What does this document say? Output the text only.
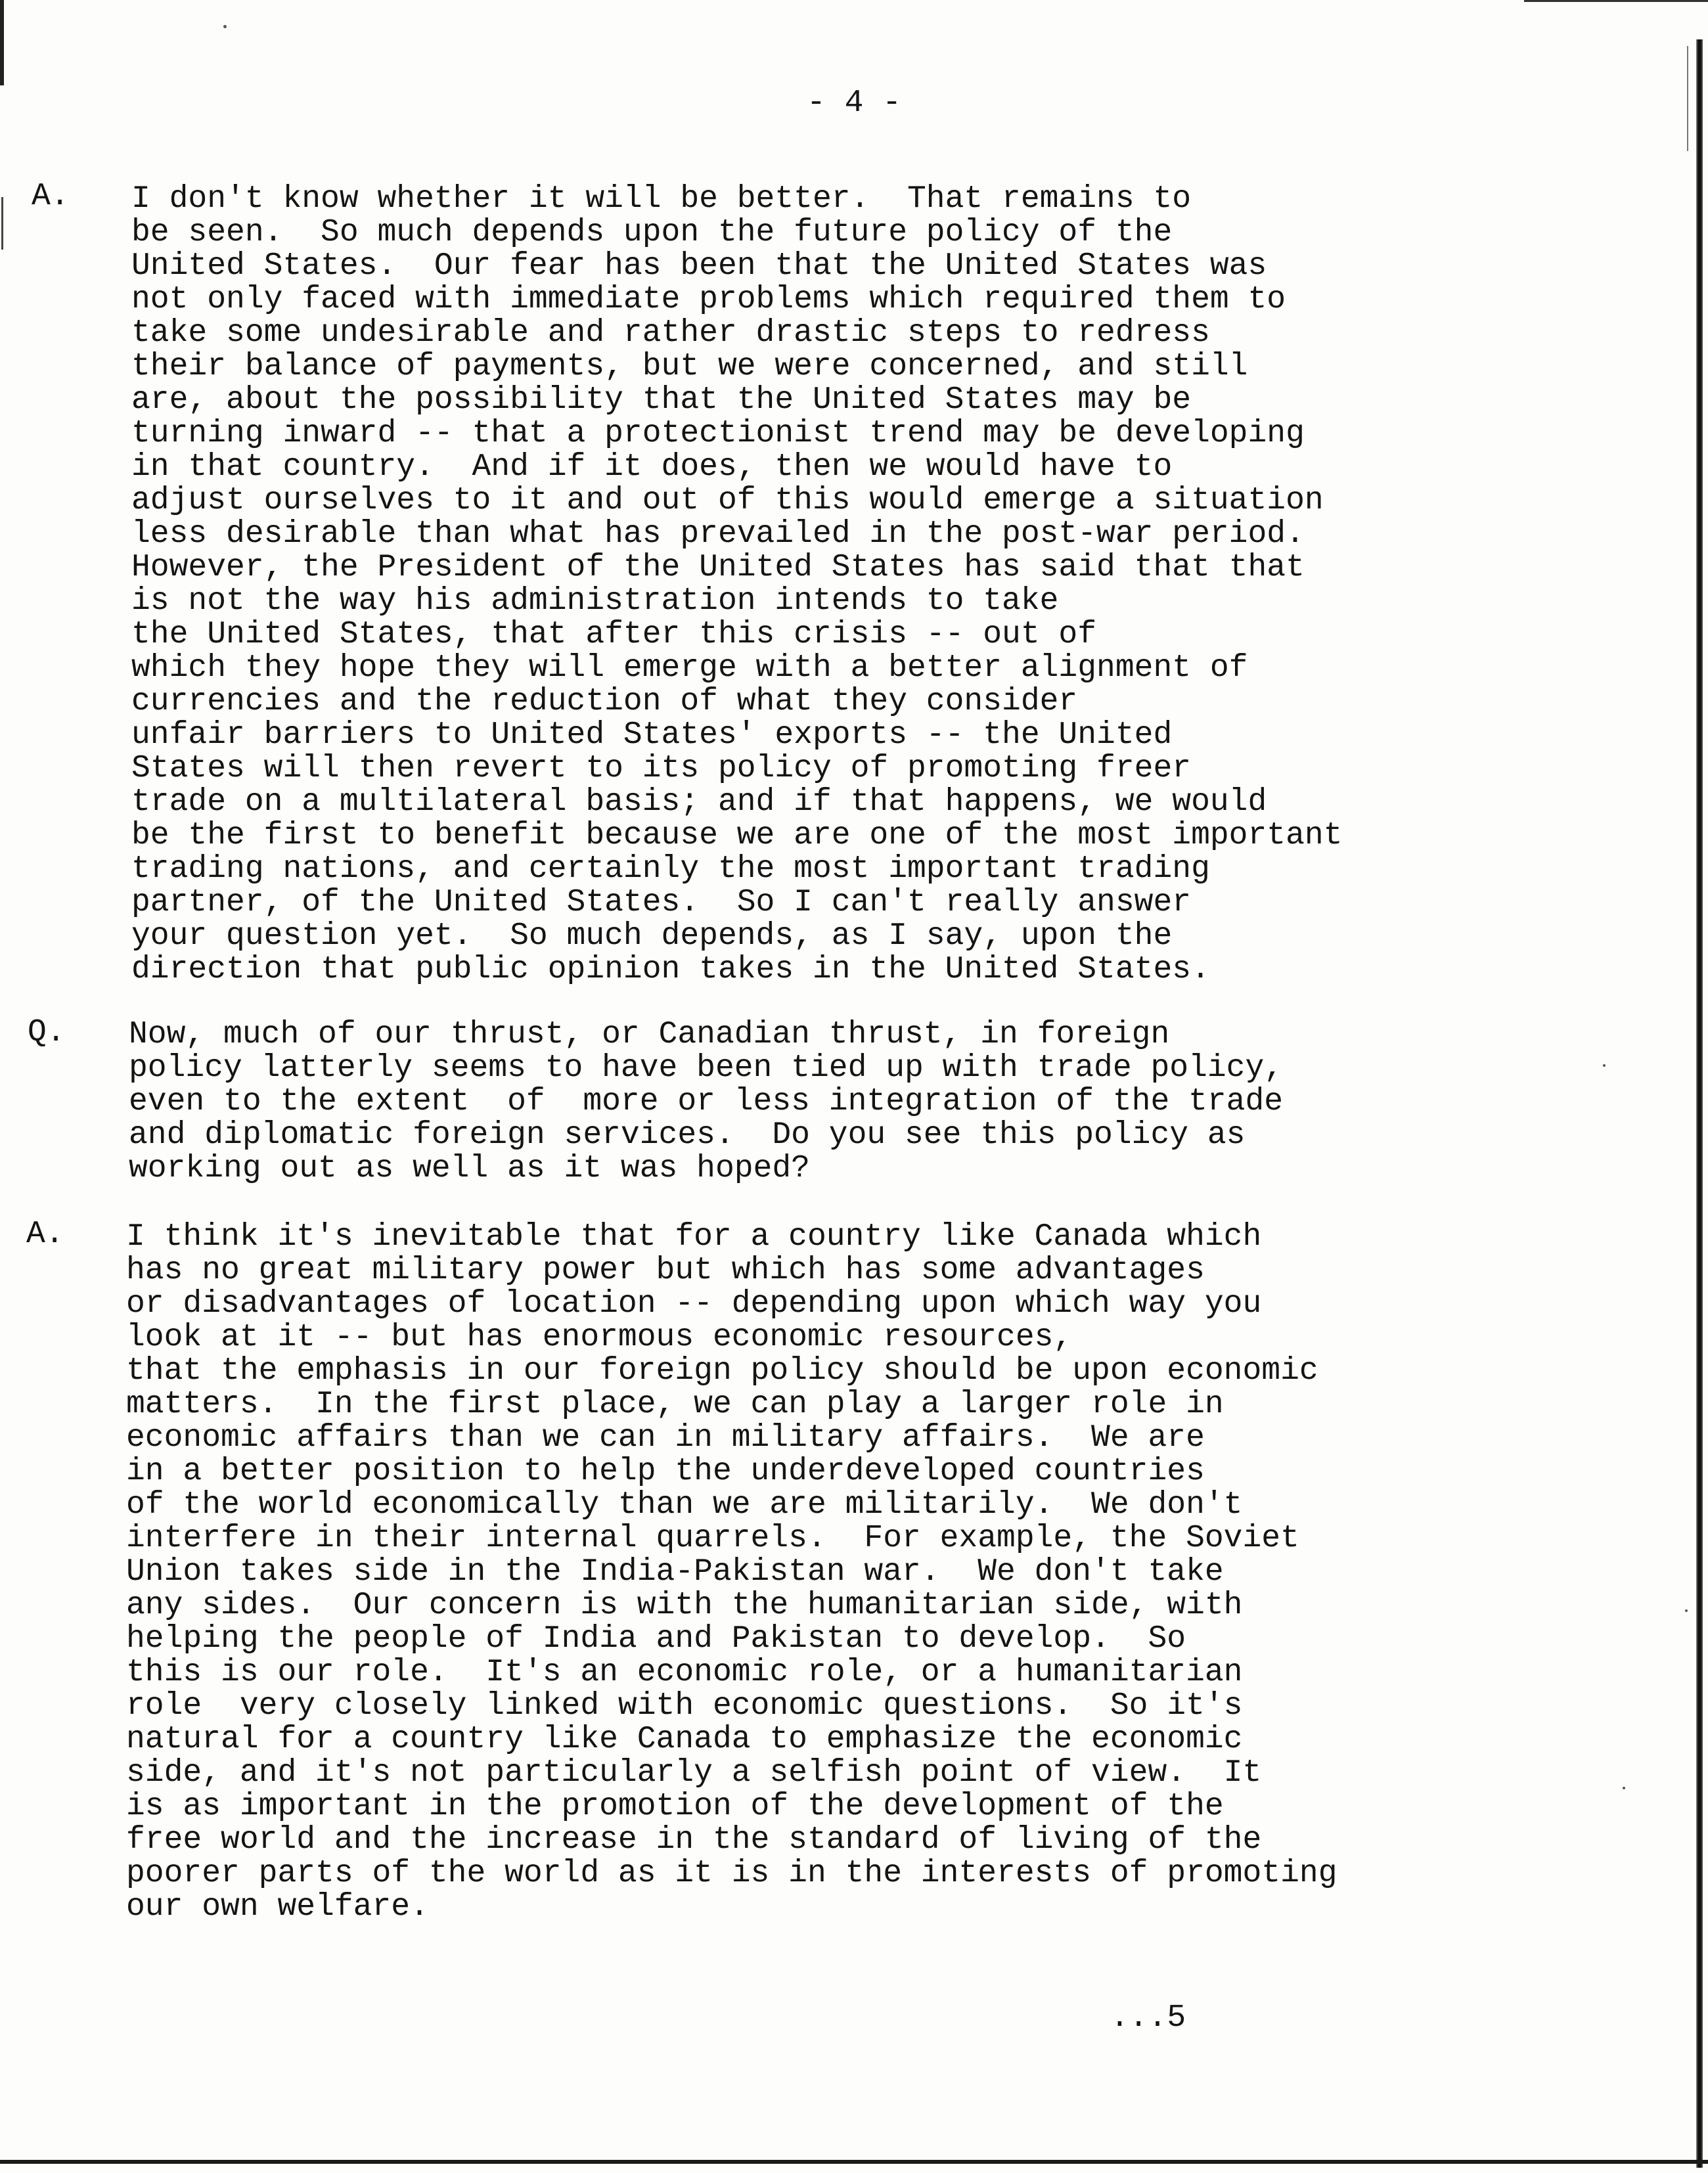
- 4 -
A. I don't know whether it will be better.  That remains to
be seen.  So much depends upon the future policy of the
United States.  Our fear has been that the United States was
not only faced with immediate problems which required them to
take some undesirable and rather drastic steps to redress
their balance of payments, but we were concerned, and still
are, about the possibility that the United States may be
turning inward -- that a protectionist trend may be developing
in that country.  And if it does, then we would have to
adjust ourselves to it and out of this would emerge a situation
less desirable than what has prevailed in the post-war period.
However, the President of the United States has said that that
is not the way his administration intends to take
the United States, that after this crisis -- out of
which they hope they will emerge with a better alignment of
currencies and the reduction of what they consider
unfair barriers to United States' exports -- the United
States will then revert to its policy of promoting freer
trade on a multilateral basis; and if that happens, we would
be the first to benefit because we are one of the most important
trading nations, and certainly the most important trading
partner, of the United States.  So I can't really answer
your question yet.  So much depends, as I say, upon the
direction that public opinion takes in the United States.
Q. Now, much of our thrust, or Canadian thrust, in foreign
policy latterly seems to have been tied up with trade policy,
even to the extent  of  more or less integration of the trade
and diplomatic foreign services.  Do you see this policy as
working out as well as it was hoped?
A. I think it's inevitable that for a country like Canada which
has no great military power but which has some advantages
or disadvantages of location -- depending upon which way you
look at it -- but has enormous economic resources,
that the emphasis in our foreign policy should be upon economic
matters.  In the first place, we can play a larger role in
economic affairs than we can in military affairs.  We are
in a better position to help the underdeveloped countries
of the world economically than we are militarily.  We don't
interfere in their internal quarrels.  For example, the Soviet
Union takes side in the India-Pakistan war.  We don't take
any sides.  Our concern is with the humanitarian side, with
helping the people of India and Pakistan to develop.  So
this is our role.  It's an economic role, or a humanitarian
role  very closely linked with economic questions.  So it's
natural for a country like Canada to emphasize the economic
side, and it's not particularly a selfish point of view.  It
is as important in the promotion of the development of the
free world and the increase in the standard of living of the
poorer parts of the world as it is in the interests of promoting
our own welfare.
...5
